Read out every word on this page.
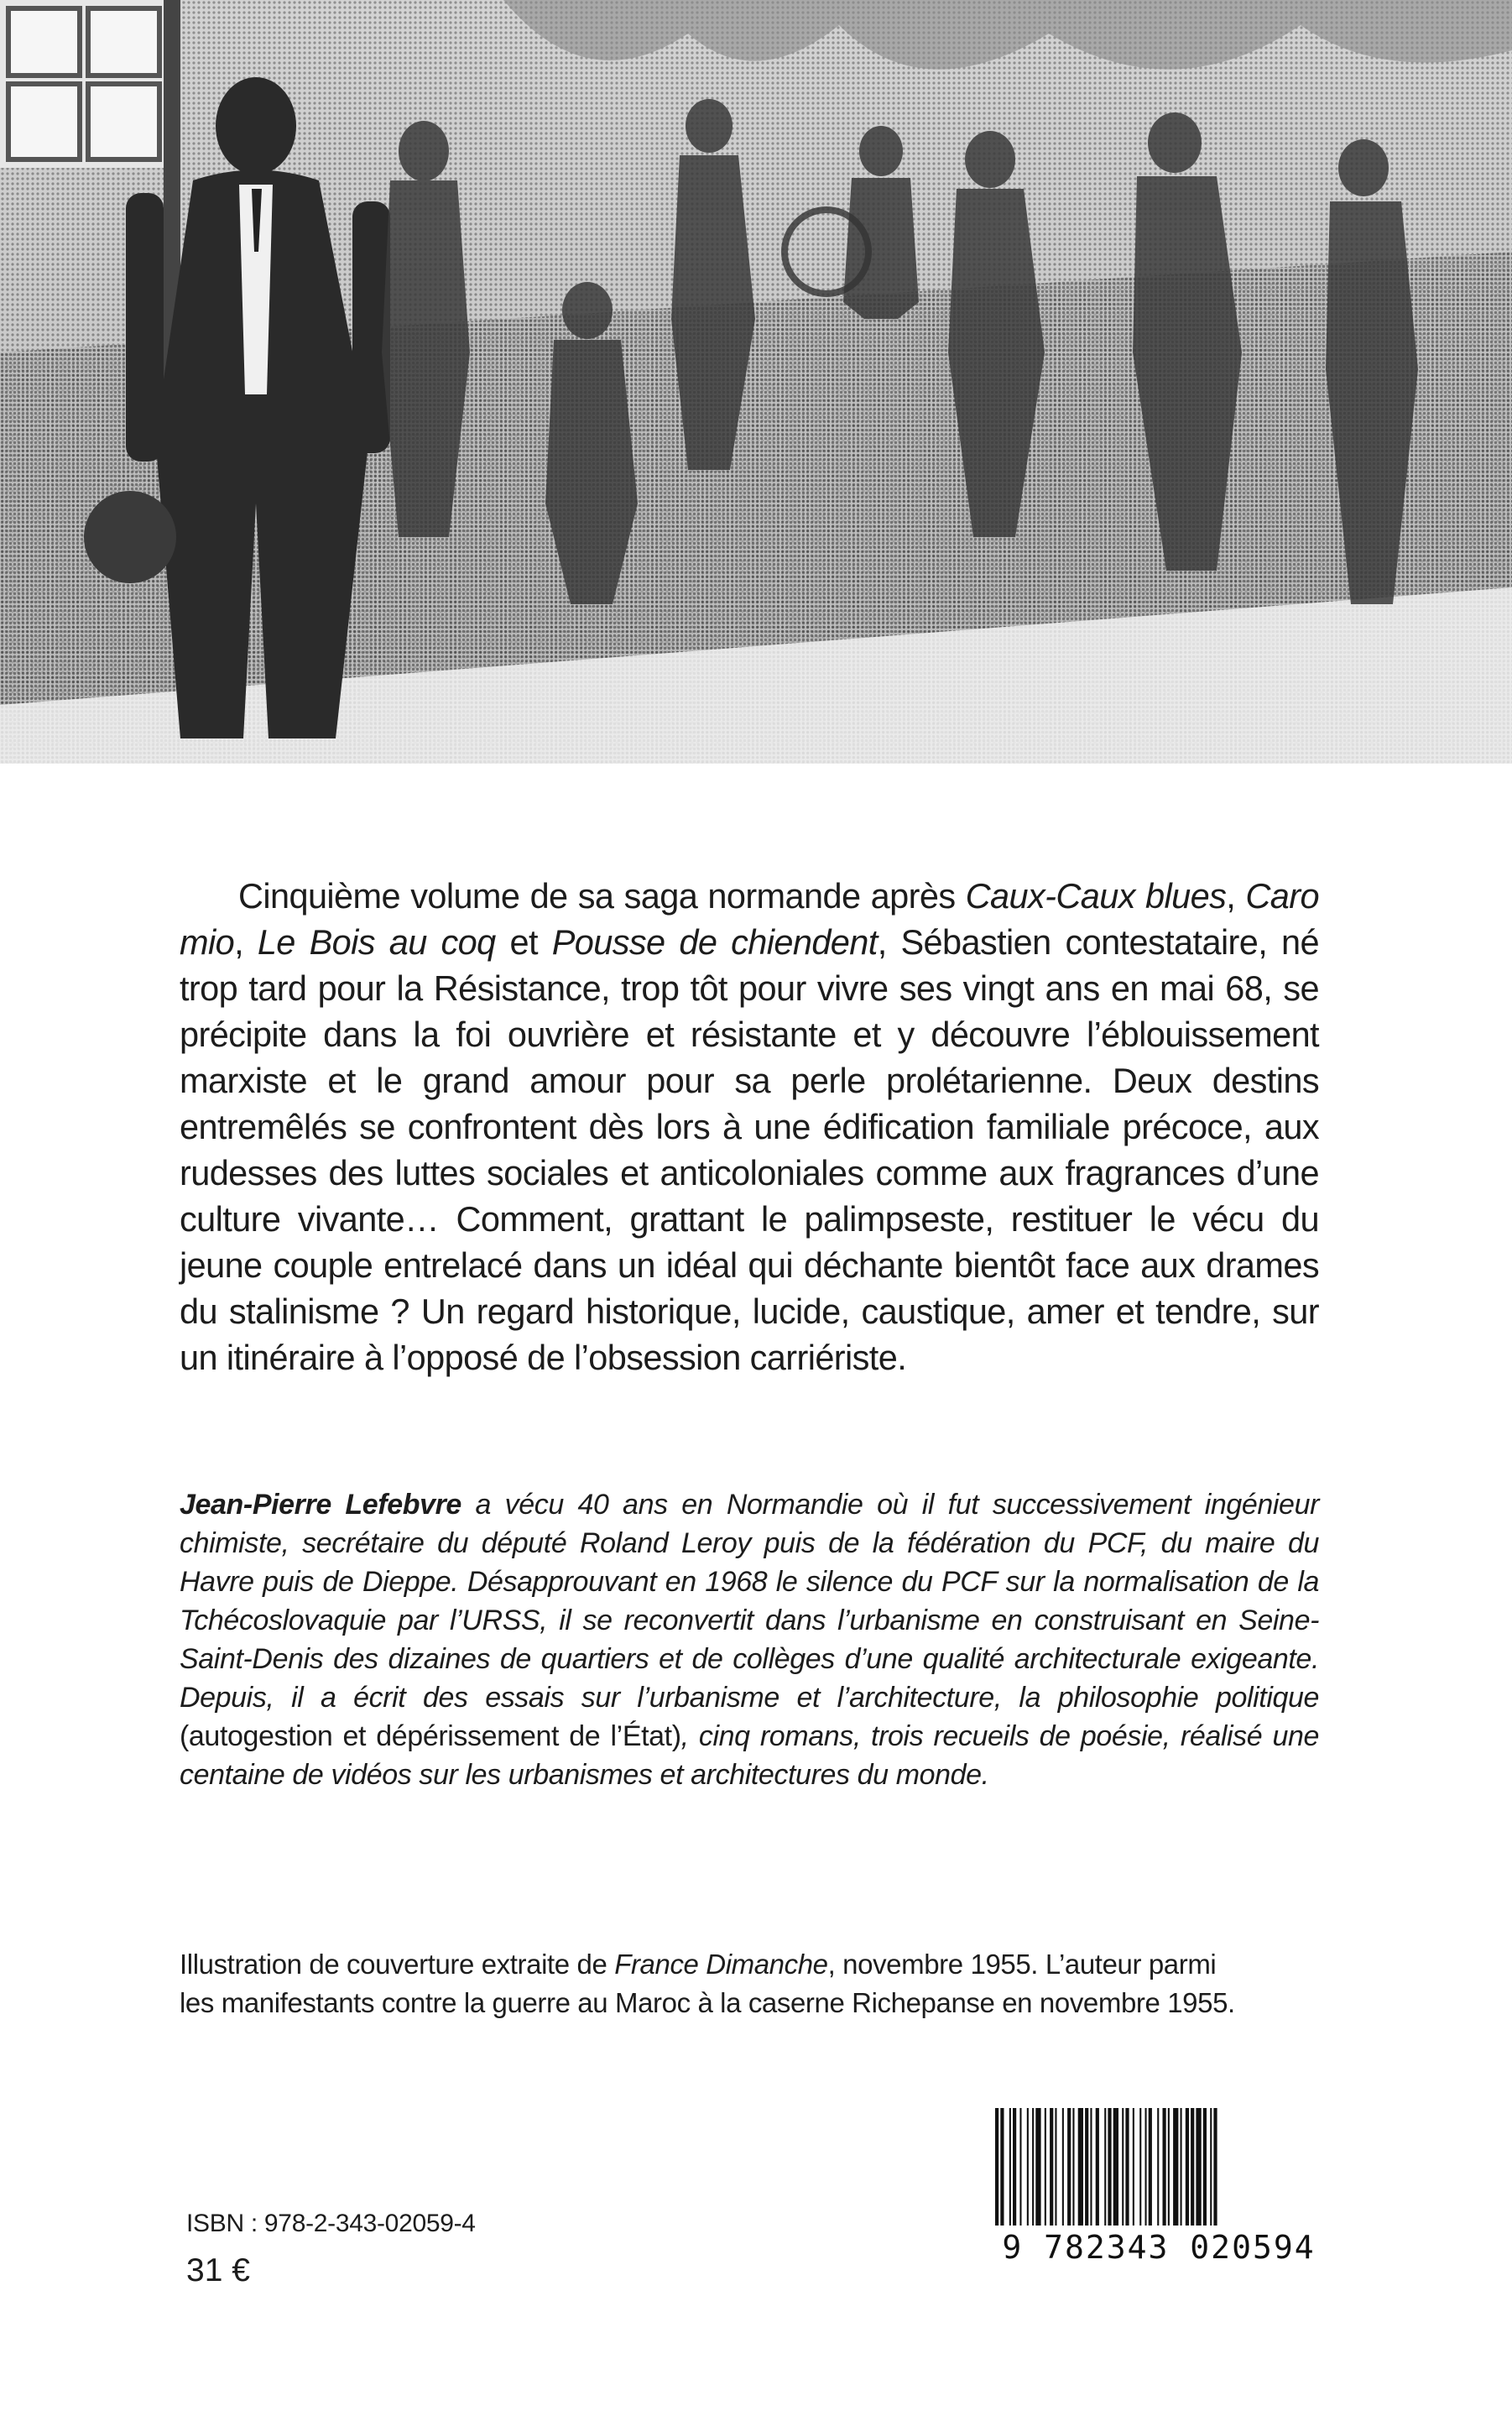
Cinquième volume de sa saga normande après Caux-Caux blues, Caro mio, Le Bois au coq et Pousse de chiendent, Sébastien contestataire, né trop tard pour la Résistance, trop tôt pour vivre ses vingt ans en mai 68, se précipite dans la foi ouvrière et résistante et y découvre l’éblouissement marxiste et le grand amour pour sa perle prolétarienne. Deux destins entremêlés se confrontent dès lors à une édification familiale précoce, aux rudesses des luttes sociales et anticoloniales comme aux fragrances d’une culture vivante… Comment, grattant le palimpseste, restituer le vécu du jeune couple entrelacé dans un idéal qui déchante bientôt face aux drames du stalinisme ? Un regard historique, lucide, caustique, amer et tendre, sur un itinéraire à l’opposé de l’obsession carriériste.

Jean-Pierre Lefebvre a vécu 40 ans en Normandie où il fut successivement ingénieur chimiste, secrétaire du député Roland Leroy puis de la fédération du PCF, du maire du Havre puis de Dieppe. Désapprouvant en 1968 le silence du PCF sur la normalisation de la Tchécoslovaquie par l’URSS, il se reconvertit dans l’urbanisme en construisant en Seine-Saint-Denis des dizaines de quartiers et de collèges d’une qualité architecturale exigeante. Depuis, il a écrit des essais sur l’urbanisme et l’architecture, la philosophie politique (autogestion et dépérissement de l’État), cinq romans, trois recueils de poésie, réalisé une centaine de vidéos sur les urbanismes et architectures du monde.

Illustration de couverture extraite de France Dimanche, novembre 1955. L’auteur parmi
les manifestants contre la guerre au Maroc à la caserne Richepanse en novembre 1955.

ISBN : 978-2-343-02059-4
31 €
9 782343 020594
